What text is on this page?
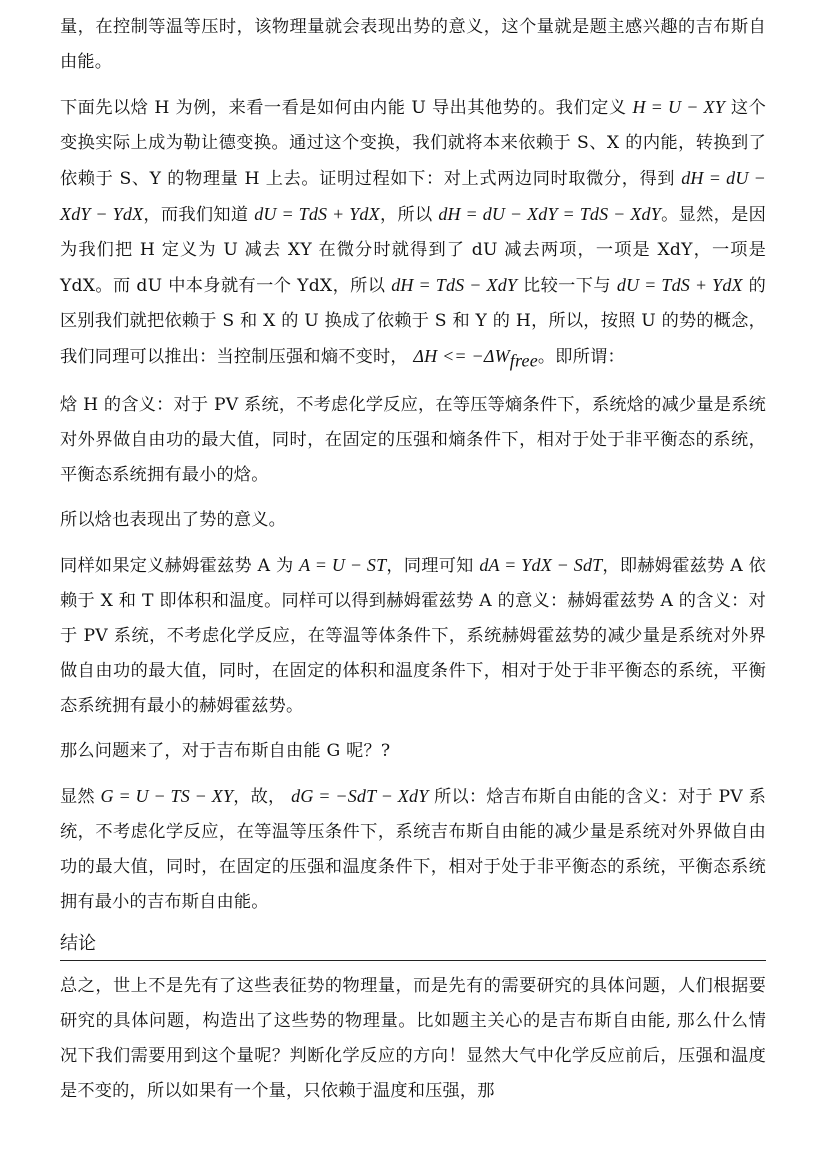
量，在控制等温等压时，该物理量就会表现出势的意义，这个量就是题主感兴趣的吉布斯自由能。

下面先以焓 H 为例，来看一看是如何由内能 U 导出其他势的。我们定义 H = U − XY 这个变换实际上成为勒让德变换。通过这个变换，我们就将本来依赖于 S、X 的内能，转换到了依赖于 S、Y 的物理量 H 上去。证明过程如下：对上式两边同时取微分，得到 dH = dU − XdY − YdX，而我们知道 dU = TdS + YdX，所以 dH = dU − XdY = TdS − XdY。显然，是因为我们把 H 定义为 U 减去 XY 在微分时就得到了 dU 减去两项，一项是 XdY，一项是 YdX。而 dU 中本身就有一个 YdX，所以 dH = TdS − XdY 比较一下与 dU = TdS + YdX 的区别我们就把依赖于 S 和 X 的 U 换成了依赖于 S 和 Y 的 H，所以，按照 U 的势的概念，我们同理可以推出：当控制压强和熵不变时， $\Delta H <= -\Delta W_{free}$。即所谓：

焓 H 的含义：对于 PV 系统，不考虑化学反应，在等压等熵条件下，系统焓的减少量是系统对外界做自由功的最大值，同时，在固定的压强和熵条件下，相对于处于非平衡态的系统，平衡态系统拥有最小的焓。

所以焓也表现出了势的意义。

同样如果定义赫姆霍兹势 A 为 A = U − ST，同理可知 dA = YdX − SdT，即赫姆霍兹势 A 依赖于 X 和 T 即体积和温度。同样可以得到赫姆霍兹势 A 的意义：赫姆霍兹势 A 的含义：对于 PV 系统，不考虑化学反应，在等温等体条件下，系统赫姆霍兹势的减少量是系统对外界做自由功的最大值，同时，在固定的体积和温度条件下，相对于处于非平衡态的系统，平衡态系统拥有最小的赫姆霍兹势。

那么问题来了，对于吉布斯自由能 G 呢？?

显然 G = U − TS − XY，故， dG = −SdT − XdY 所以：焓吉布斯自由能的含义：对于 PV 系统，不考虑化学反应，在等温等压条件下，系统吉布斯自由能的减少量是系统对外界做自由功的最大值，同时，在固定的压强和温度条件下，相对于处于非平衡态的系统，平衡态系统拥有最小的吉布斯自由能。

结论

总之，世上不是先有了这些表征势的物理量，而是先有的需要研究的具体问题，人们根据要研究的具体问题，构造出了这些势的物理量。比如题主关心的是吉布斯自由能, 那么什么情况下我们需要用到这个量呢？判断化学反应的方向！显然大气中化学反应前后，压强和温度是不变的，所以如果有一个量，只依赖于温度和压强，那
